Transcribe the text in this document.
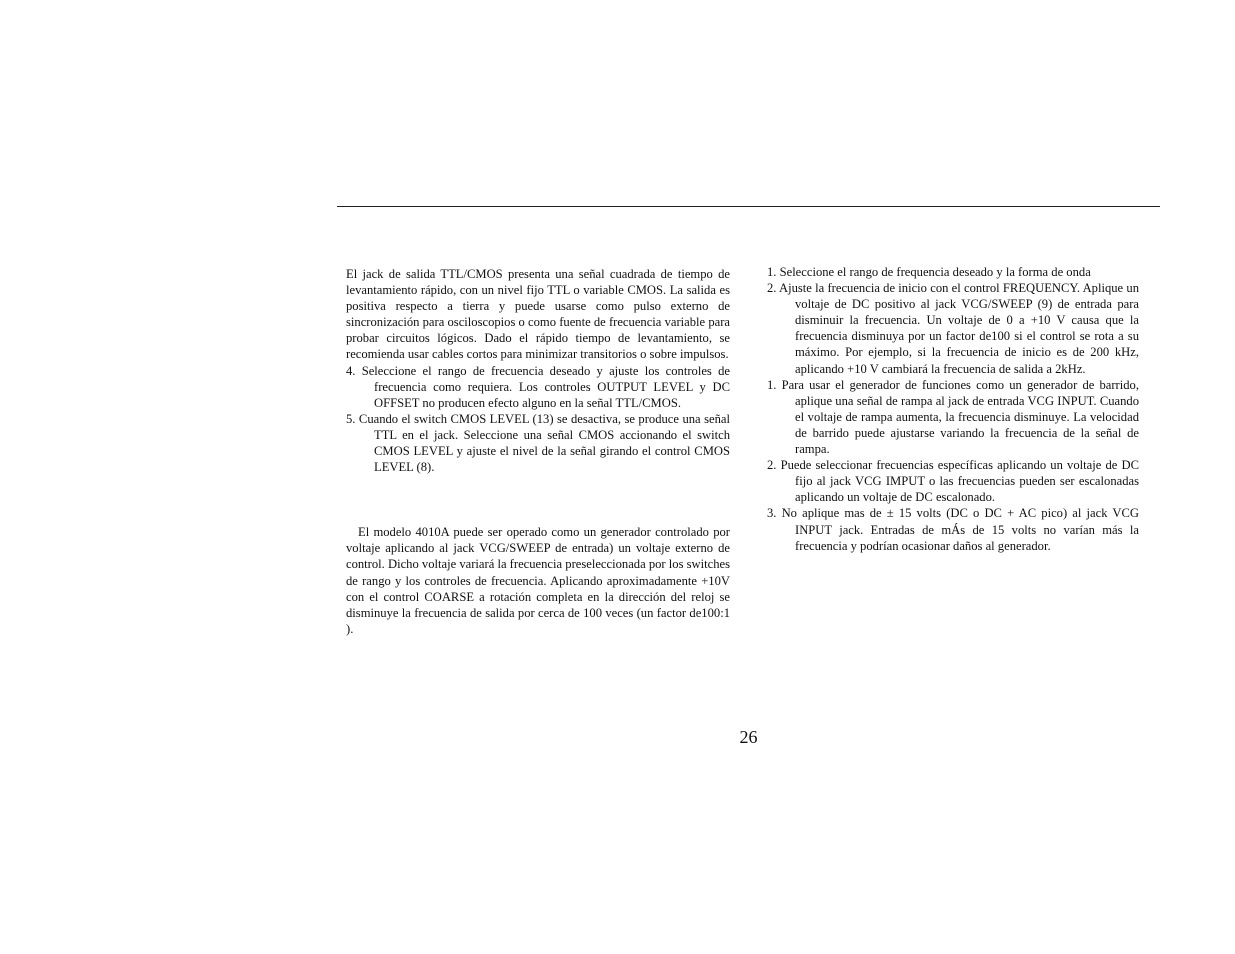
El jack de salida TTL/CMOS presenta una señal cuadrada de tiempo de levantamiento rápido, con un nivel fijo TTL o variable CMOS. La salida es positiva respecto a tierra y puede usarse como pulso externo de sincronización para osciloscopios o como fuente de frecuencia variable para probar circuitos lógicos. Dado el rápido tiempo de levantamiento, se recomienda usar cables cortos para minimizar transitorios o sobre impulsos.

4. Seleccione el rango de frecuencia deseado y ajuste los controles de frecuencia como requiera. Los controles OUTPUT LEVEL y DC OFFSET no producen efecto alguno en la señal TTL/CMOS.
5. Cuando el switch CMOS LEVEL (13) se desactiva, se produce una señal TTL en el jack. Seleccione una señal CMOS accionando el switch CMOS LEVEL y ajuste el nivel de la señal girando el control CMOS LEVEL (8).

El modelo 4010A puede ser operado como un generador controlado por voltaje aplicando al jack VCG/SWEEP de entrada) un voltaje externo de control. Dicho voltaje variará la frecuencia preseleccionada por los switches de rango y los controles de frecuencia. Aplicando aproximadamente +10V con el control COARSE a rotación completa en la dirección del reloj se disminuye la frecuencia de salida por cerca de 100 veces (un factor de100:1 ).

1. Seleccione el rango de frequencia deseado y la forma de onda
2. Ajuste la frecuencia de inicio con el control FREQUENCY. Aplique un voltaje de DC positivo al jack VCG/SWEEP (9) de entrada para disminuir la frecuencia. Un voltaje de 0 a +10 V causa que la frecuencia disminuya por un factor de100 si el control se rota a su máximo. Por ejemplo, si la frecuencia de inicio es de 200 kHz, aplicando +10 V cambiará la frecuencia de salida a 2kHz.
1. Para usar el generador de funciones como un generador de barrido, aplique una señal de rampa al jack de entrada VCG INPUT. Cuando el voltaje de rampa aumenta, la frecuencia disminuye. La velocidad de barrido puede ajustarse variando la frecuencia de la señal de rampa.
2. Puede seleccionar frecuencias específicas aplicando un voltaje de DC fijo al jack VCG IMPUT o las frecuencias pueden ser escalonadas aplicando un voltaje de DC escalonado.
3. No aplique mas de ± 15 volts (DC o DC + AC pico) al jack VCG INPUT jack. Entradas de mÁs de 15 volts no varían más la frecuencia y podrían ocasionar daños al generador.
26
